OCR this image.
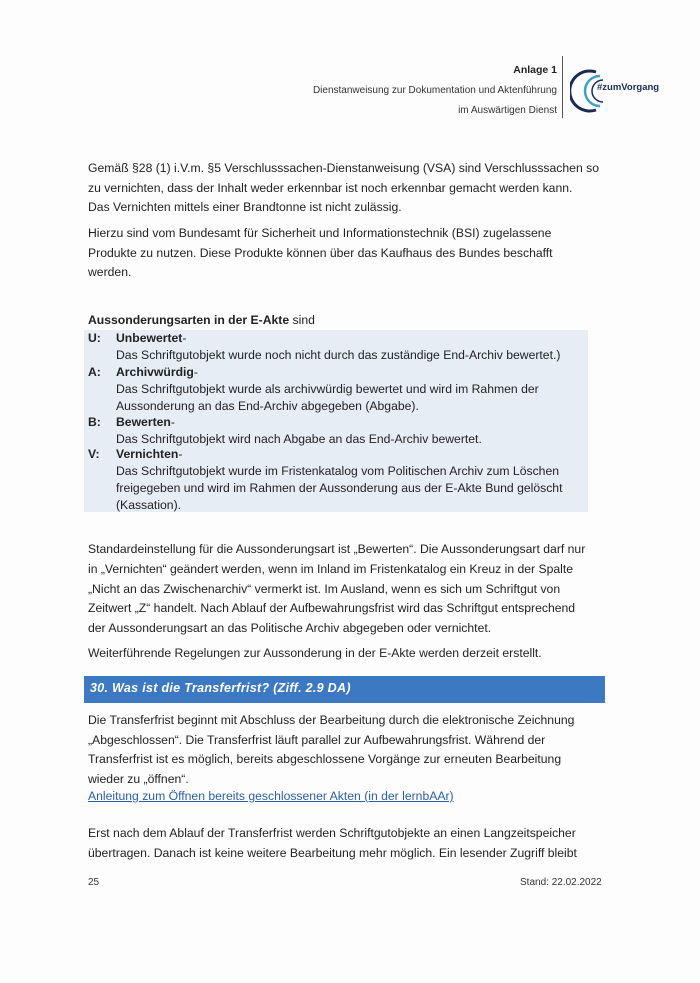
Anlage 1
Dienstanweisung zur Dokumentation und Aktenführung
im Auswärtigen Dienst
#zumVorgang
Gemäß §28 (1) i.V.m. §5 Verschlusssachen-Dienstanweisung (VSA) sind Verschlusssachen so
zu vernichten, dass der Inhalt weder erkennbar ist noch erkennbar gemacht werden kann.
Das Vernichten mittels einer Brandtonne ist nicht zulässig.
Hierzu sind vom Bundesamt für Sicherheit und Informationstechnik (BSI) zugelassene
Produkte zu nutzen. Diese Produkte können über das Kaufhaus des Bundes beschafft
werden.
Aussonderungsarten in der E-Akte sind
U: Unbewertet-
Das Schriftgutobjekt wurde noch nicht durch das zuständige End-Archiv bewertet.)
A: Archivwürdig-
Das Schriftgutobjekt wurde als archivwürdig bewertet und wird im Rahmen der
Aussonderung an das End-Archiv abgegeben (Abgabe).
B: Bewerten-
Das Schriftgutobjekt wird nach Abgabe an das End-Archiv bewertet.
V: Vernichten-
Das Schriftgutobjekt wurde im Fristenkatalog vom Politischen Archiv zum Löschen
freigegeben und wird im Rahmen der Aussonderung aus der E-Akte Bund gelöscht
(Kassation).
Standardeinstellung für die Aussonderungsart ist „Bewerten“. Die Aussonderungsart darf nur
in „Vernichten“ geändert werden, wenn im Inland im Fristenkatalog ein Kreuz in der Spalte
„Nicht an das Zwischenarchiv“ vermerkt ist. Im Ausland, wenn es sich um Schriftgut von
Zeitwert „Z“ handelt. Nach Ablauf der Aufbewahrungsfrist wird das Schriftgut entsprechend
der Aussonderungsart an das Politische Archiv abgegeben oder vernichtet.
Weiterführende Regelungen zur Aussonderung in der E-Akte werden derzeit erstellt.
30. Was ist die Transferfrist? (Ziff. 2.9 DA)
Die Transferfrist beginnt mit Abschluss der Bearbeitung durch die elektronische Zeichnung
„Abgeschlossen“. Die Transferfrist läuft parallel zur Aufbewahrungsfrist. Während der
Transferfrist ist es möglich, bereits abgeschlossene Vorgänge zur erneuten Bearbeitung
wieder zu „öffnen“.
Anleitung zum Öffnen bereits geschlossener Akten (in der lernbAAr)
Erst nach dem Ablauf der Transferfrist werden Schriftgutobjekte an einen Langzeitspeicher
übertragen. Danach ist keine weitere Bearbeitung mehr möglich. Ein lesender Zugriff bleibt
25	Stand: 22.02.2022
